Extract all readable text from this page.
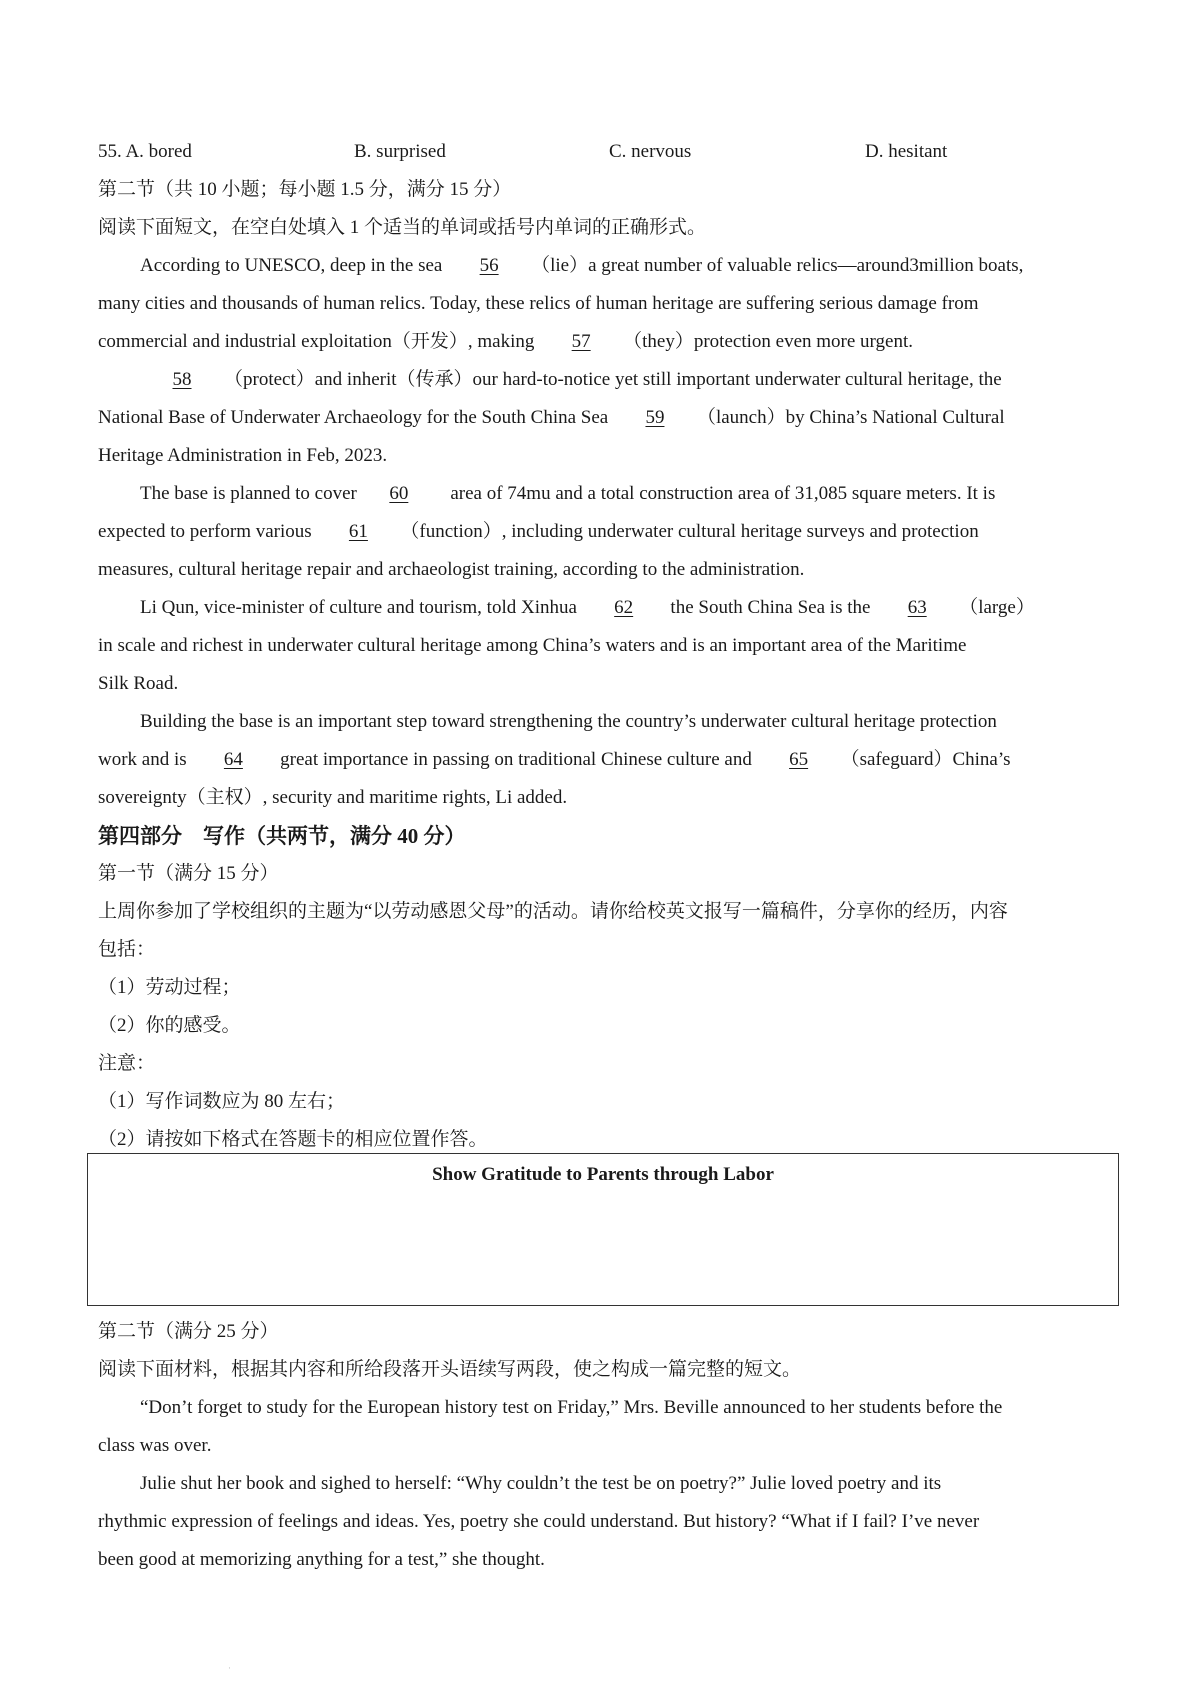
55. A. bored	B. surprised	C. nervous	D. hesitant
第二节（共 10 小题；每小题 1.5 分，满分 15 分）
阅读下面短文，在空白处填入 1 个适当的单词或括号内单词的正确形式。
According to UNESCO, deep in the sea 56 （lie）a great number of valuable relics—around3million boats,
many cities and thousands of human relics. Today, these relics of human heritage are suffering serious damage from
commercial and industrial exploitation（开发）, making 57 （they）protection even more urgent.
58 （protect）and inherit（传承）our hard-to-notice yet still important underwater cultural heritage, the
National Base of Underwater Archaeology for the South China Sea 59 （launch）by China’s National Cultural
Heritage Administration in Feb, 2023.
The base is planned to cover 60 area of 74mu and a total construction area of 31,085 square meters. It is
expected to perform various 61 （function）, including underwater cultural heritage surveys and protection
measures, cultural heritage repair and archaeologist training, according to the administration.
Li Qun, vice-minister of culture and tourism, told Xinhua 62 the South China Sea is the 63 （large）
in scale and richest in underwater cultural heritage among China’s waters and is an important area of the Maritime
Silk Road.
Building the base is an important step toward strengthening the country’s underwater cultural heritage protection
work and is 64 great importance in passing on traditional Chinese culture and 65 （safeguard）China’s
sovereignty（主权）, security and maritime rights, Li added.
第四部分　写作（共两节，满分 40 分）
第一节（满分 15 分）
上周你参加了学校组织的主题为“以劳动感恩父母”的活动。请你给校英文报写一篇稿件，分享你的经历，内容
包括：
（1）劳动过程；
（2）你的感受。
注意：
（1）写作词数应为 80 左右；
（2）请按如下格式在答题卡的相应位置作答。
Show Gratitude to Parents through Labor
第二节（满分 25 分）
阅读下面材料，根据其内容和所给段落开头语续写两段，使之构成一篇完整的短文。
“Don’t forget to study for the European history test on Friday,” Mrs. Beville announced to her students before the
class was over.
Julie shut her book and sighed to herself: “Why couldn’t the test be on poetry?” Julie loved poetry and its
rhythmic expression of feelings and ideas. Yes, poetry she could understand. But history? “What if I fail? I’ve never
been good at memorizing anything for a test,” she thought.
·
